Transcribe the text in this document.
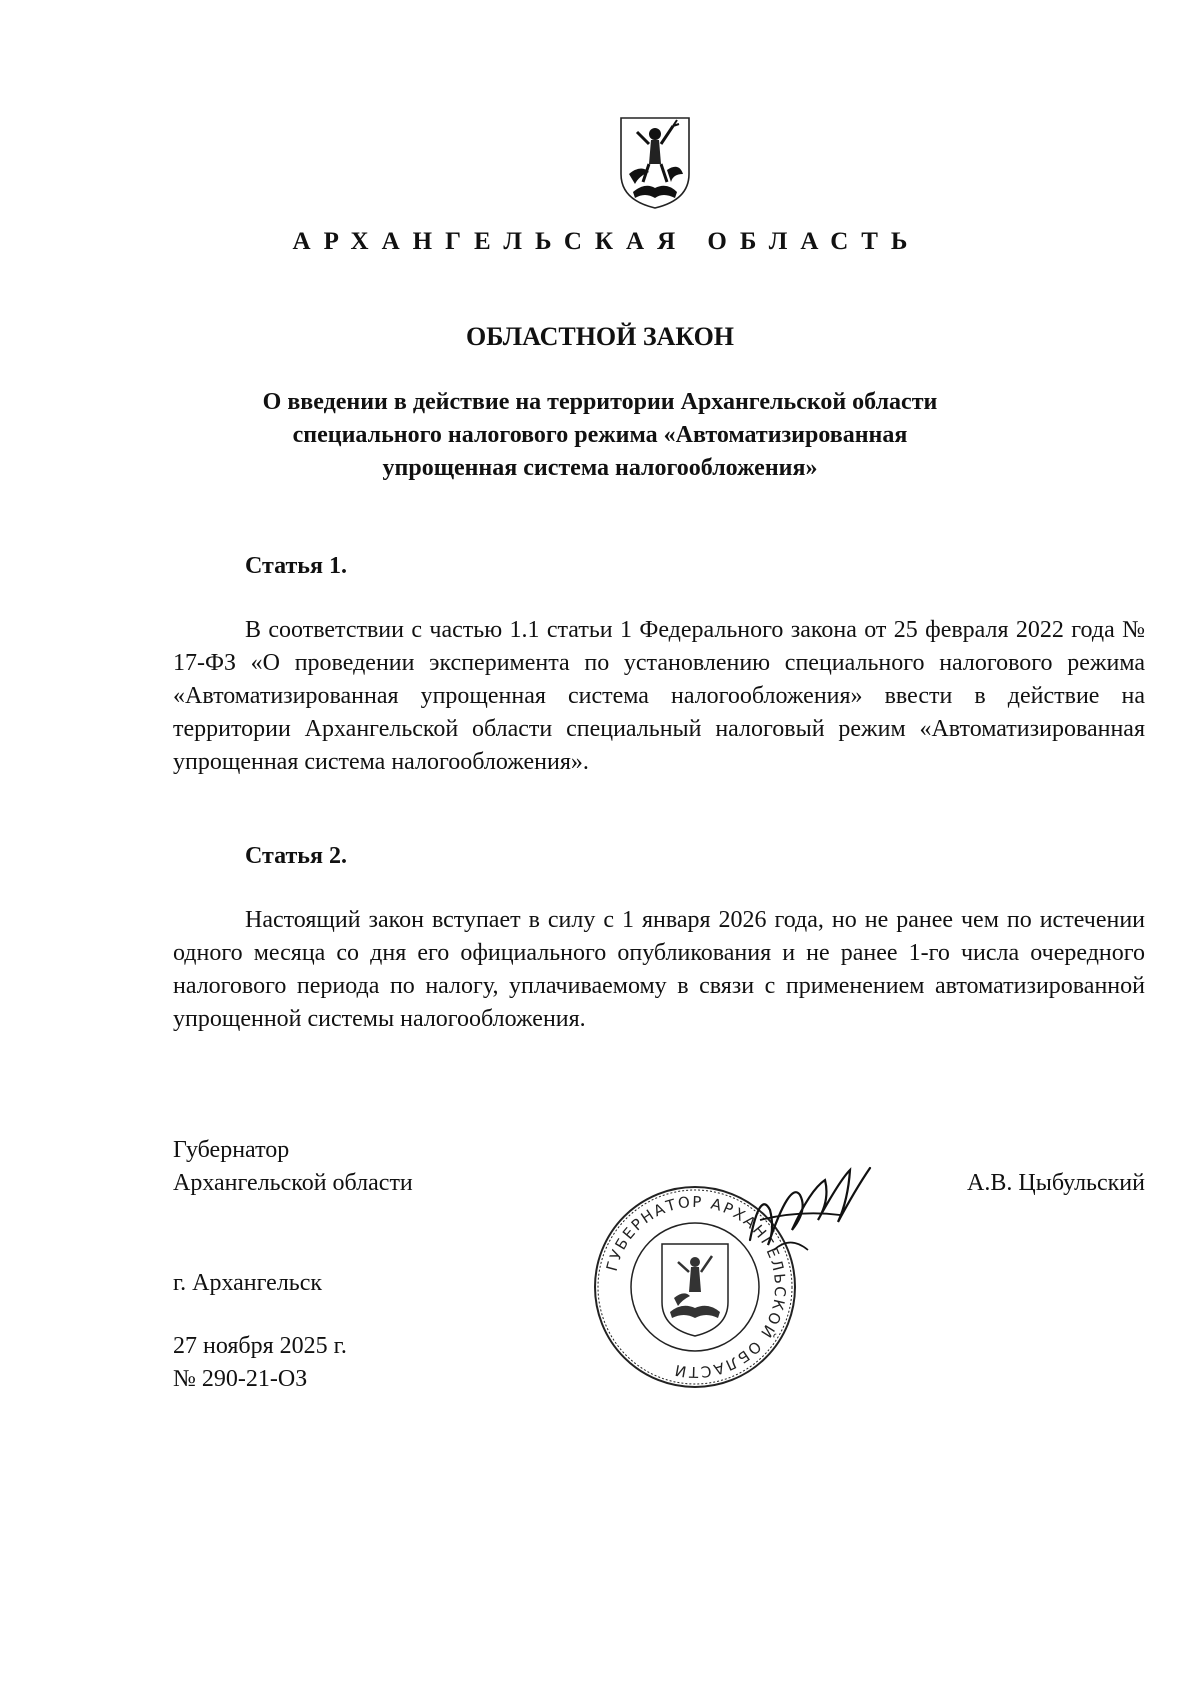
АРХАНГЕЛЬСКАЯ ОБЛАСТЬ
ОБЛАСТНОЙ ЗАКОН
О введении в действие на территории Архангельской области
специального налогового режима «Автоматизированная
упрощенная система налогообложения»
Статья 1.

В соответствии с частью 1.1 статьи 1 Федерального закона от 25 февраля 2022 года № 17-ФЗ «О проведении эксперимента по установлению специального налогового режима «Автоматизированная упрощенная система налогообложения» ввести в действие на территории Архангельской области специальный налоговый режим «Автоматизированная упрощенная система налогообложения».

Статья 2.

Настоящий закон вступает в силу с 1 января 2026 года, но не ранее чем по истечении одного месяца со дня его официального опубликования и не ранее 1-го числа очередного налогового периода по налогу, уплачиваемому в связи с применением автоматизированной упрощенной системы налогообложения.

Губернатор
Архангельской области	А.В. Цыбульский
г. Архангельск
27 ноября 2025 г.
№ 290-21-ОЗ
ГУБЕРНАТОР АРХАНГЕЛЬСКОЙ ОБЛАСТИ
